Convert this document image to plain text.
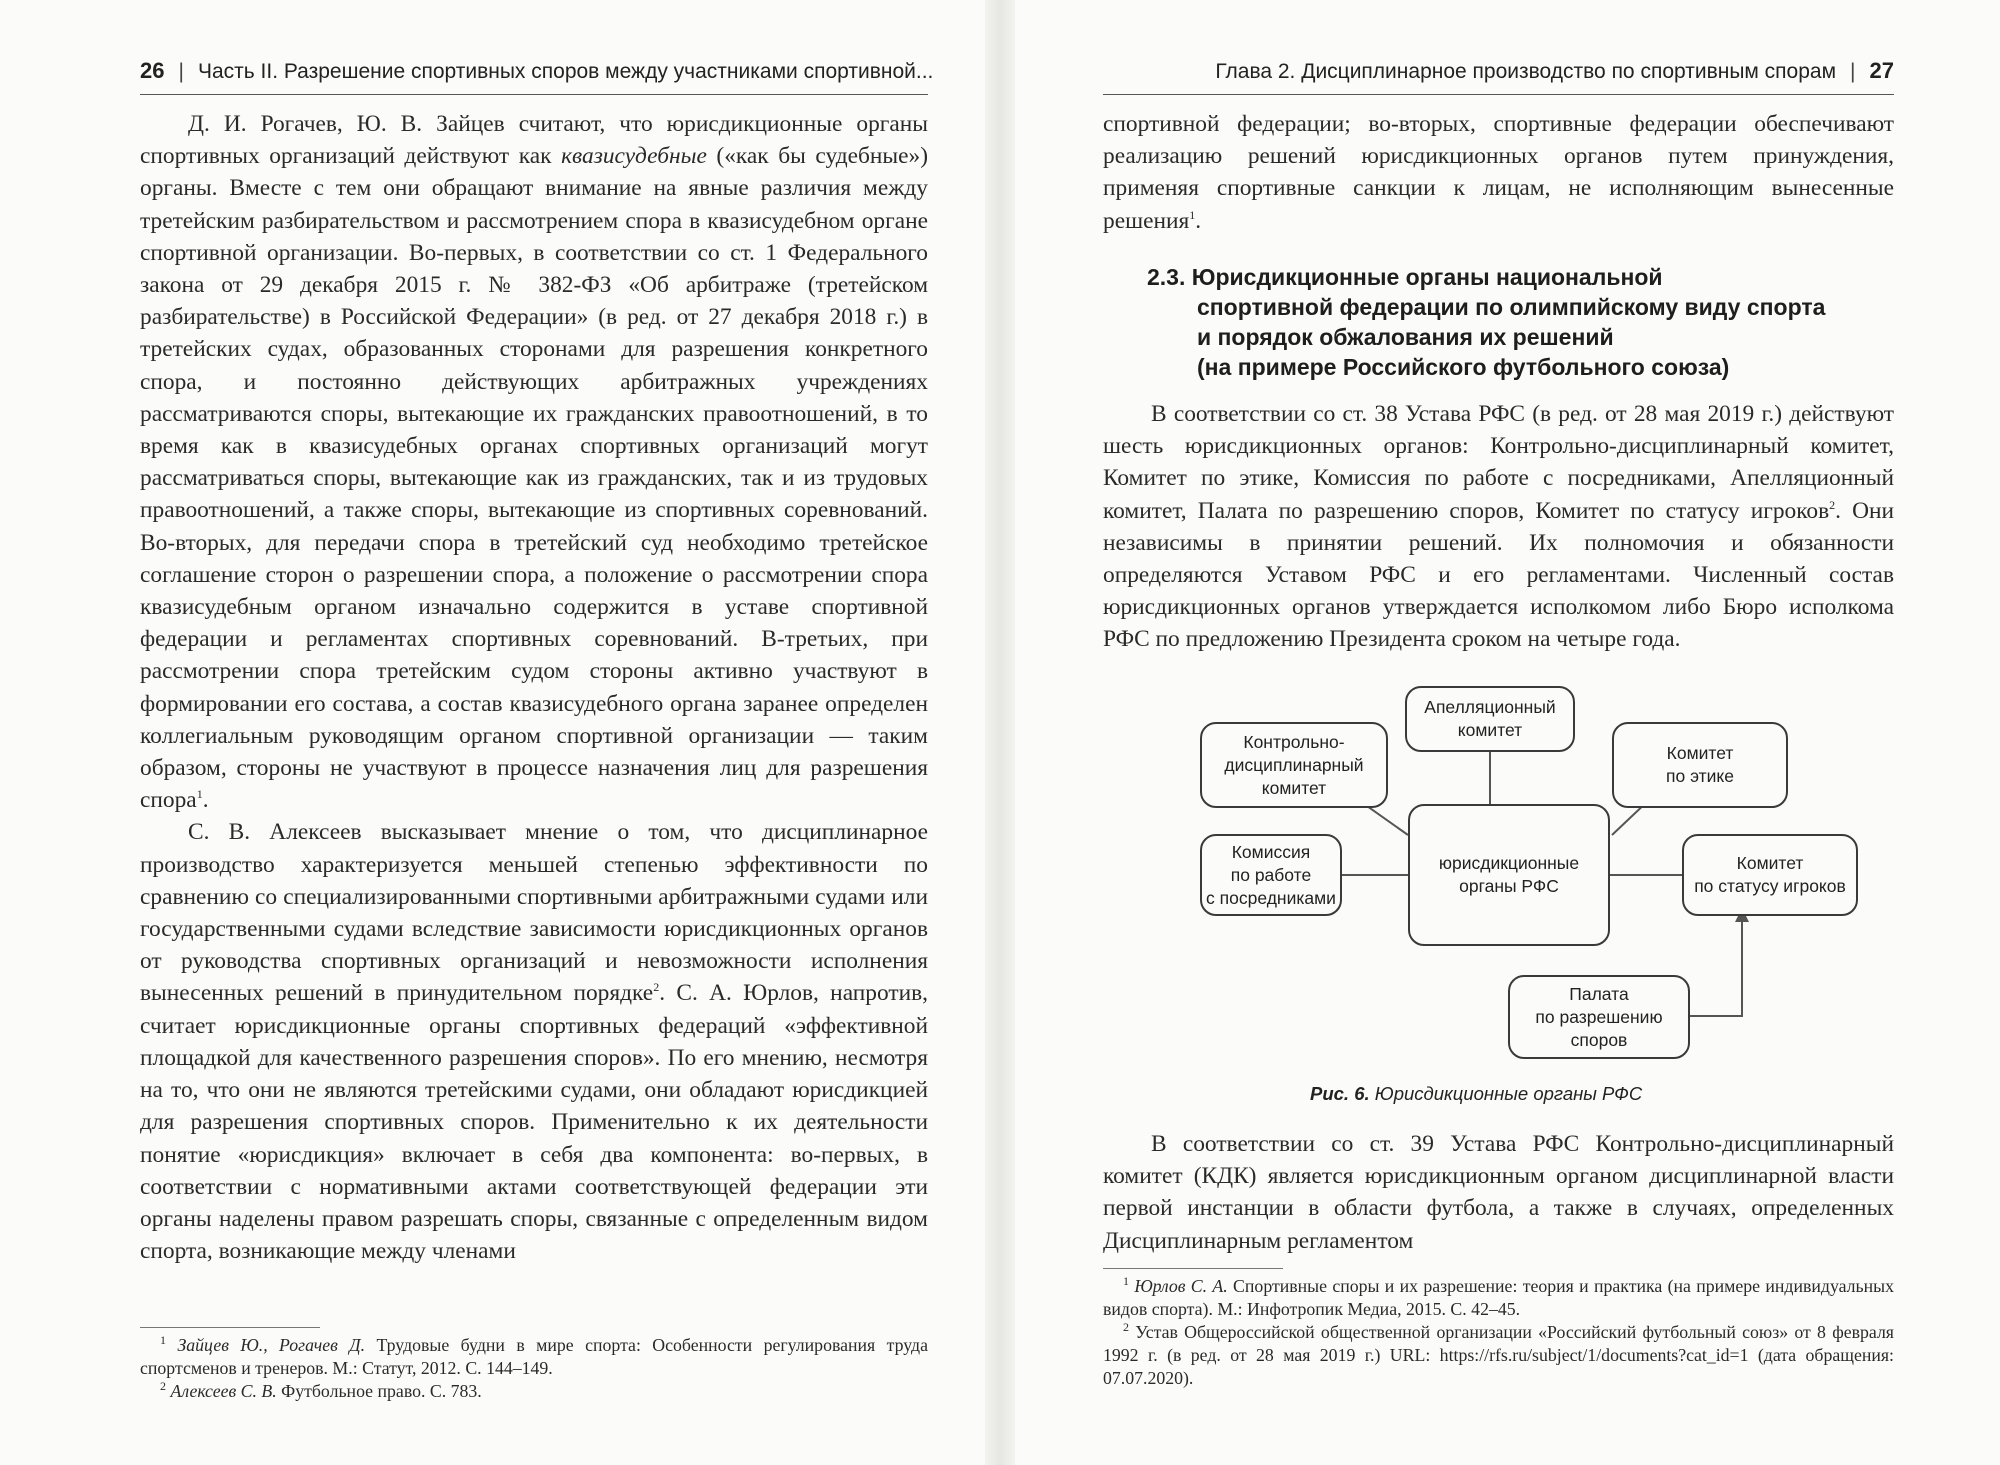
26 | Часть II. Разрешение спортивных споров между участниками спортивной...

Д. И. Рогачев, Ю. В. Зайцев считают, что юрисдикционные органы спортивных организаций действуют как квазисудебные («как бы судебные») органы. Вместе с тем они обращают внимание на явные различия между третейским разбирательством и рассмотрением спора в квазисудебном органе спортивной организации. Во-первых, в соответствии со ст. 1 Федерального закона от 29 декабря 2015 г. № 382-ФЗ «Об арбитраже (третейском разбирательстве) в Российской Федерации» (в ред. от 27 декабря 2018 г.) в третейских судах, образованных сторонами для разрешения конкретного спора, и постоянно действующих арбитражных учреждениях рассматриваются споры, вытекающие их гражданских правоотношений, в то время как в квазисудебных органах спортивных организаций могут рассматриваться споры, вытекающие как из гражданских, так и из трудовых правоотношений, а также споры, вытекающие из спортивных соревнований. Во-вторых, для передачи спора в третейский суд необходимо третейское соглашение сторон о разрешении спора, а положение о рассмотрении спора квазисудебным органом изначально содержится в уставе спортивной федерации и регламентах спортивных соревнований. В-третьих, при рассмотрении спора третейским судом стороны активно участвуют в формировании его состава, а состав квазисудебного органа заранее определен коллегиальным руководящим органом спортивной организации — таким образом, стороны не участвуют в процессе назначения лиц для разрешения спора$^1$.

С. В. Алексеев высказывает мнение о том, что дисциплинарное производство характеризуется меньшей степенью эффективности по сравнению со специализированными спортивными арбитражными судами или государственными судами вследствие зависимости юрисдикционных органов от руководства спортивных организаций и невозможности исполнения вынесенных решений в принудительном порядке$^2$. С. А. Юрлов, напротив, считает юрисдикционные органы спортивных федераций «эффективной площадкой для качественного разрешения споров». По его мнению, несмотря на то, что они не являются третейскими судами, они обладают юрисдикцией для разрешения спортивных споров. Применительно к их деятельности понятие «юрисдикция» включает в себя два компонента: во-первых, в соответствии с нормативными актами соответствующей федерации эти органы наделены правом разрешать споры, связанные с определенным видом спорта, возникающие между членами

$^1$ Зайцев Ю., Рогачев Д. Трудовые будни в мире спорта: Особенности регулирования труда спортсменов и тренеров. М.: Статут, 2012. С. 144–149.

$^2$ Алексеев С. В. Футбольное право. С. 783.

Глава 2. Дисциплинарное производство по спортивным спорам | 27

спортивной федерации; во-вторых, спортивные федерации обеспечивают реализацию решений юрисдикционных органов путем принуждения, применяя спортивные санкции к лицам, не исполняющим вынесенные решения$^1$.

2.3. Юрисдикционные органы национальной
спортивной федерации по олимпийскому виду спорта
и порядок обжалования их решений
(на примере Российского футбольного союза)

В соответствии со ст. 38 Устава РФС (в ред. от 28 мая 2019 г.) действуют шесть юрисдикционных органов: Контрольно-дисциплинарный комитет, Комитет по этике, Комиссия по работе с посредниками, Апелляционный комитет, Палата по разрешению споров, Комитет по статусу игроков$^2$. Они независимы в принятии решений. Их полномочия и обязанности определяются Уставом РФС и его регламентами. Численный состав юрисдикционных органов утверждается исполкомом либо Бюро исполкома РФС по предложению Президента сроком на четыре года.

юрисдикционные
органы РФС
Апелляционный
комитет
Контрольно-
дисциплинарный
комитет
Комитет
по этике
Комиссия
по работе
с посредниками
Комитет
по статусу игроков
Палата
по разрешению
споров
Рис. 6. Юрисдикционные органы РФС

В соответствии со ст. 39 Устава РФС Контрольно-дисциплинарный комитет (КДК) является юрисдикционным органом дисциплинарной власти первой инстанции в области футбола, а также в случаях, определенных Дисциплинарным регламентом

$^1$ Юрлов С. А. Спортивные споры и их разрешение: теория и практика (на примере индивидуальных видов спорта). М.: Инфотропик Медиа, 2015. С. 42–45.

$^2$ Устав Общероссийской общественной организации «Российский футбольный союз» от 8 февраля 1992 г. (в ред. от 28 мая 2019 г.) URL: https://rfs.ru/subject/1/documents?cat_id=1 (дата обращения: 07.07.2020).
